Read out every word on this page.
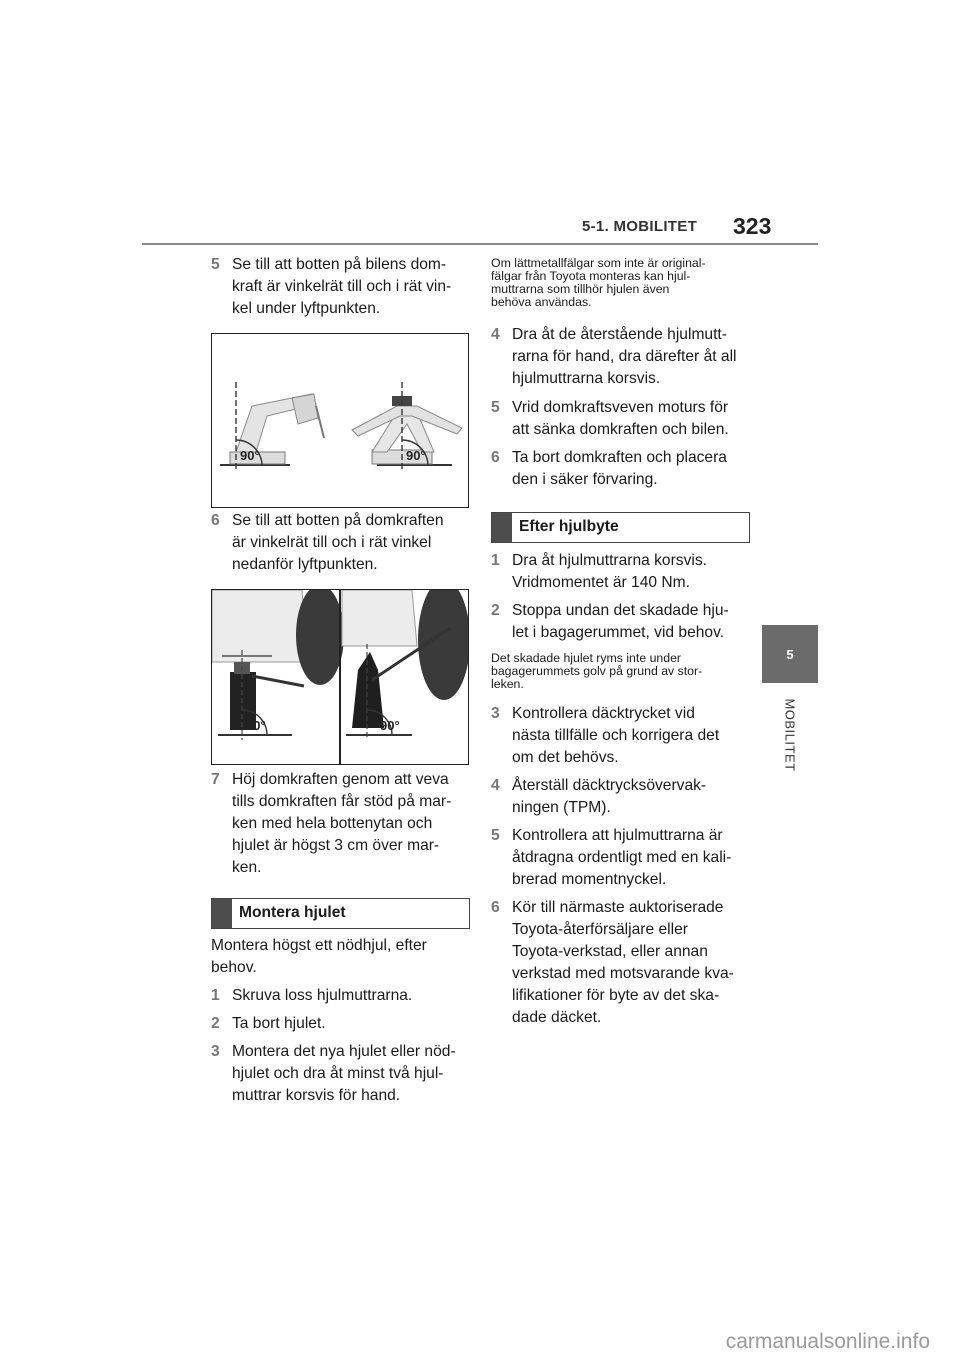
5-1. MOBILITET 323
5
MOBILITET
5 Se till att botten på bilens dom-
kraft är vinkelrät till och i rät vin-
kel under lyftpunkten.
90°	90°
6 Se till att botten på domkraften
är vinkelrät till och i rät vinkel
nedanför lyftpunkten.
90°	90°
7 Höj domkraften genom att veva
tills domkraften får stöd på mar-
ken med hela bottenytan och
hjulet är högst 3 cm över mar-
ken.
Montera hjulet
Montera högst ett nödhjul, efter
behov.
1 Skruva loss hjulmuttrarna.
2 Ta bort hjulet.
3 Montera det nya hjulet eller nöd-
hjulet och dra åt minst två hjul-
muttrar korsvis för hand.
Om lättmetallfälgar som inte är original-
fälgar från Toyota monteras kan hjul-
muttrarna som tillhör hjulen även
behöva användas.
4 Dra åt de återstående hjulmutt-
rarna för hand, dra därefter åt all
hjulmuttrarna korsvis.
5 Vrid domkraftsveven moturs för
att sänka domkraften och bilen.
6 Ta bort domkraften och placera
den i säker förvaring.
Efter hjulbyte
1 Dra åt hjulmuttrarna korsvis.
Vridmomentet är 140 Nm.
2 Stoppa undan det skadade hju-
let i bagagerummet, vid behov.
Det skadade hjulet ryms inte under
bagagerummets golv på grund av stor-
leken.
3 Kontrollera däcktrycket vid
nästa tillfälle och korrigera det
om det behövs.
4 Återställ däcktrycksövervak-
ningen (TPM).
5 Kontrollera att hjulmuttrarna är
åtdragna ordentligt med en kali-
brerad momentnyckel.
6 Kör till närmaste auktoriserade
Toyota-återförsäljare eller
Toyota-verkstad, eller annan
verkstad med motsvarande kva-
lifikationer för byte av det ska-
dade däcket.
carmanualsonline.info
